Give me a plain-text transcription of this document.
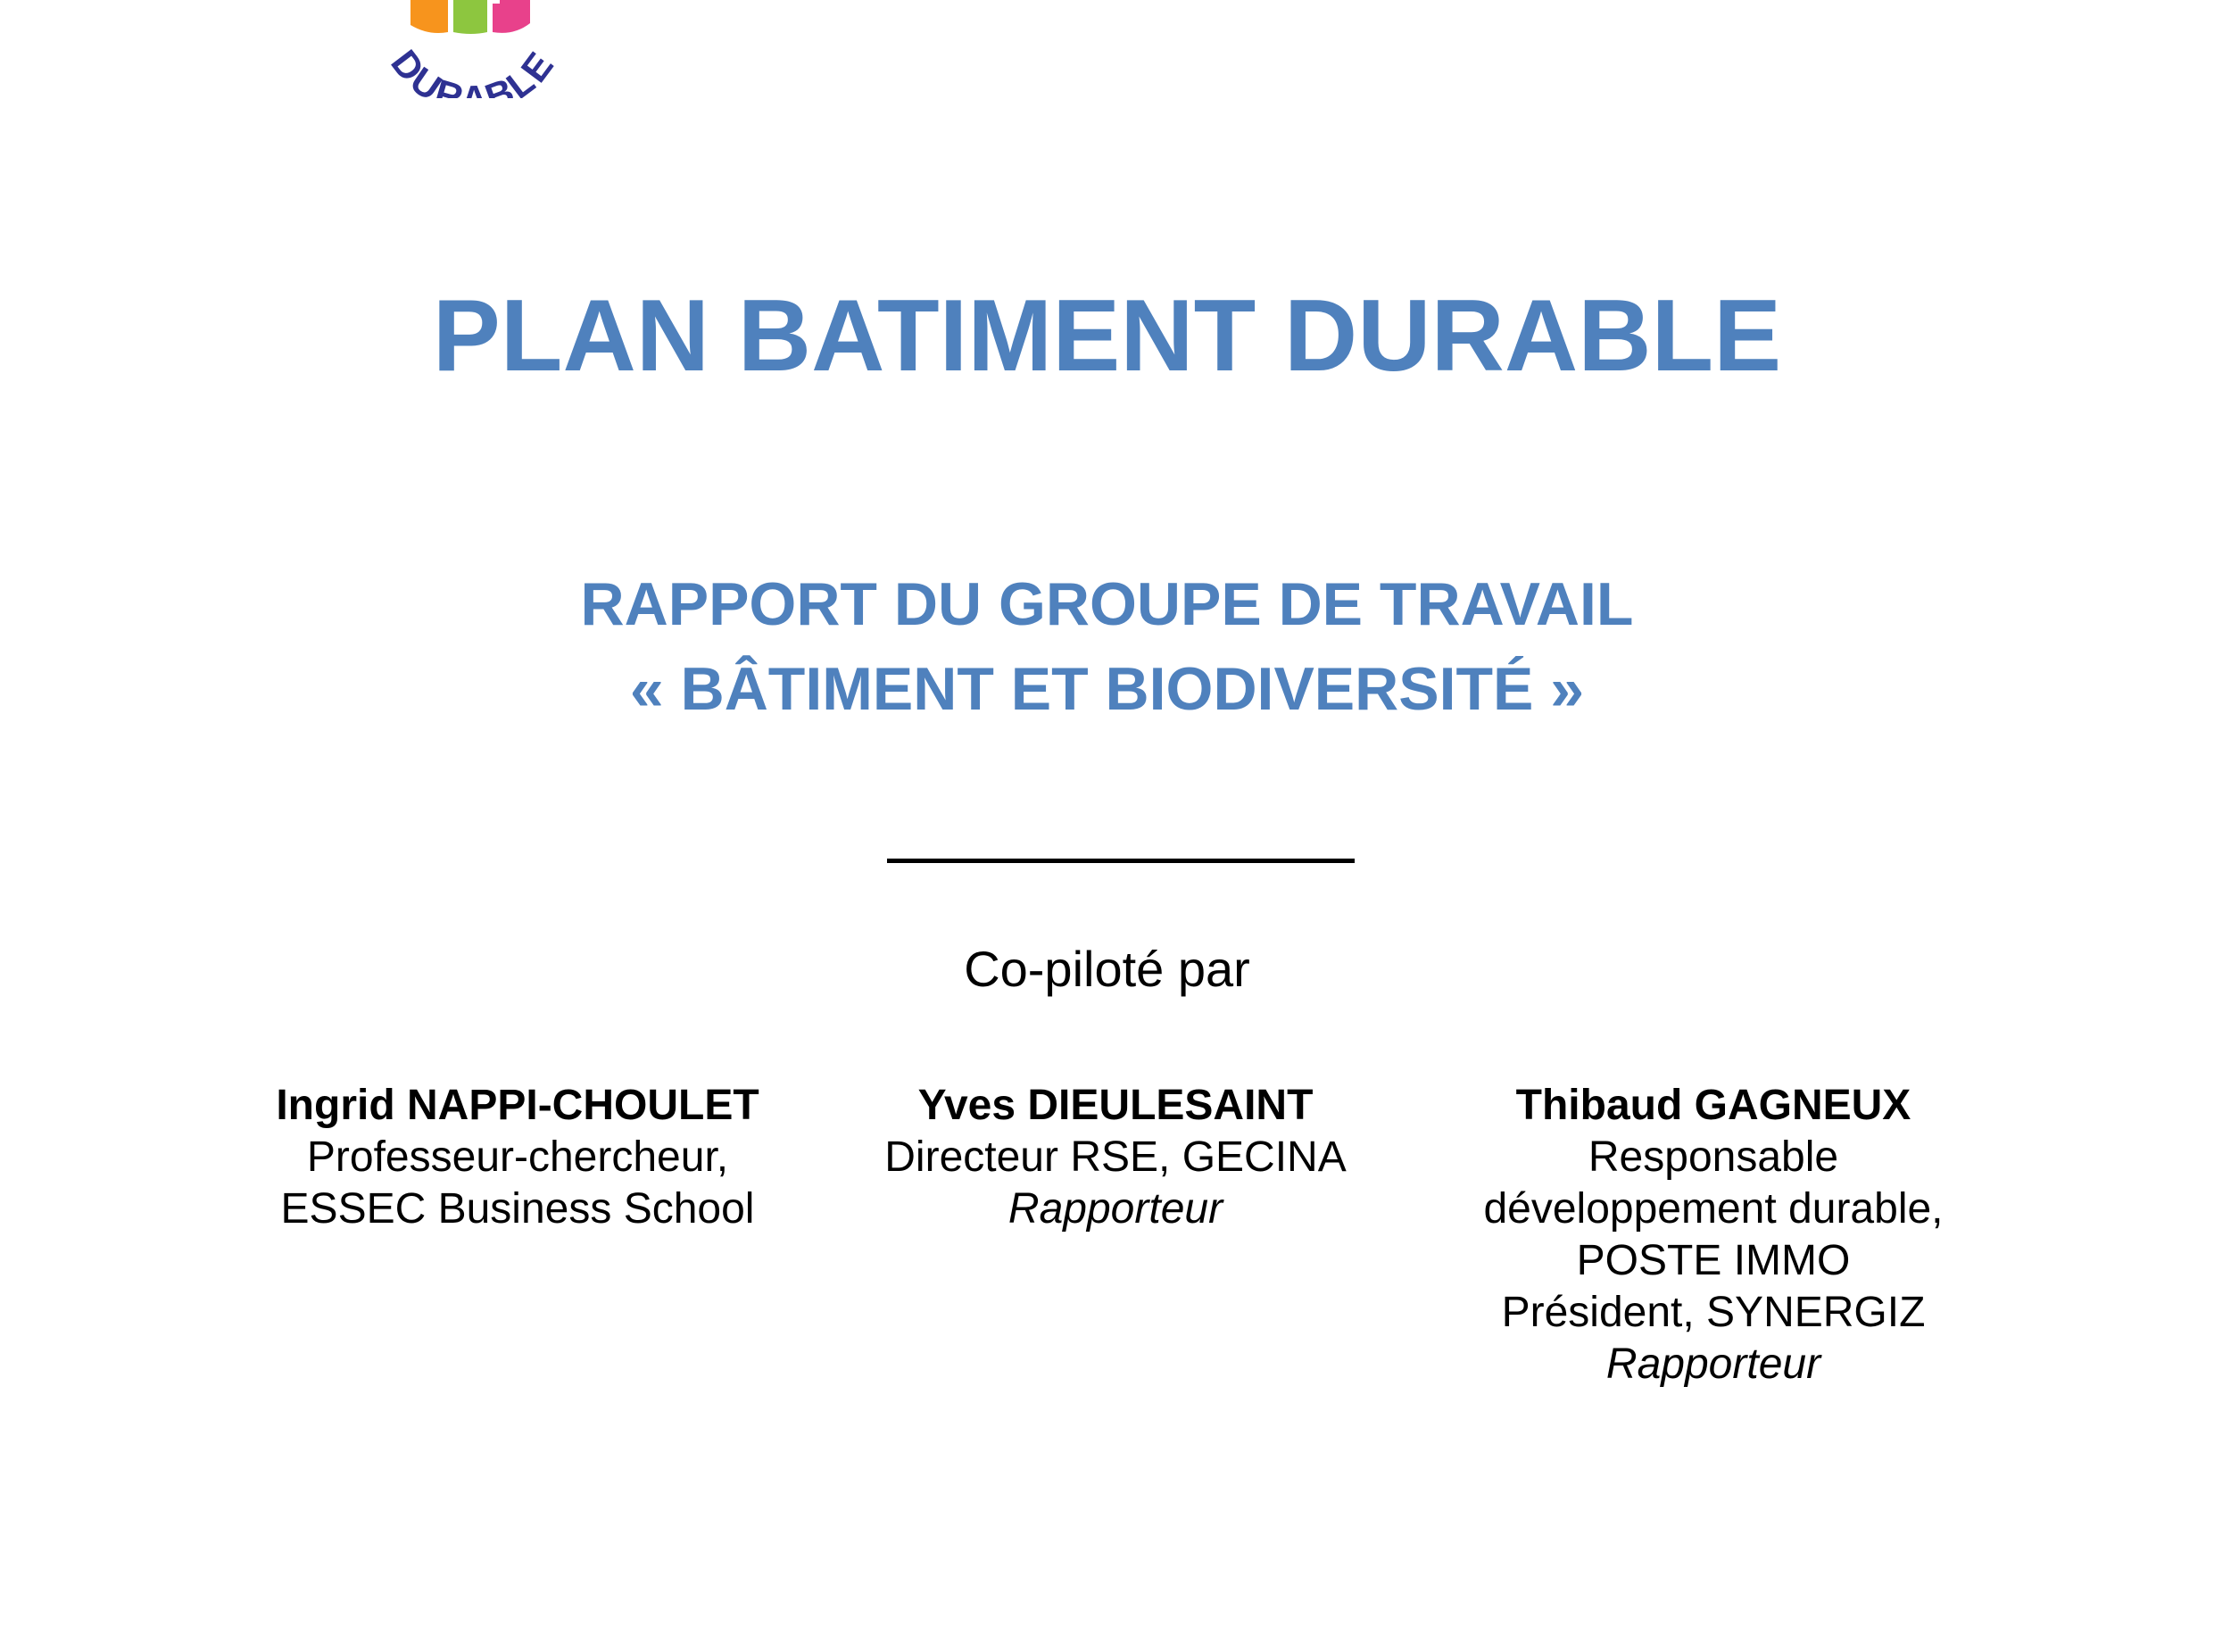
DUR BLE
PLAN BATIMENT DURABLE
RAPPORT DU GROUPE DE TRAVAIL
« BÂTIMENT ET BIODIVERSITÉ »
Co-piloté par
Ingrid NAPPI-CHOULET
Professeur-chercheur,
ESSEC Business School
Yves DIEULESAINT
Directeur RSE, GECINA
Rapporteur
Thibaud GAGNEUX
Responsable
développement durable,
POSTE IMMO
Président, SYNERGIZ
Rapporteur
